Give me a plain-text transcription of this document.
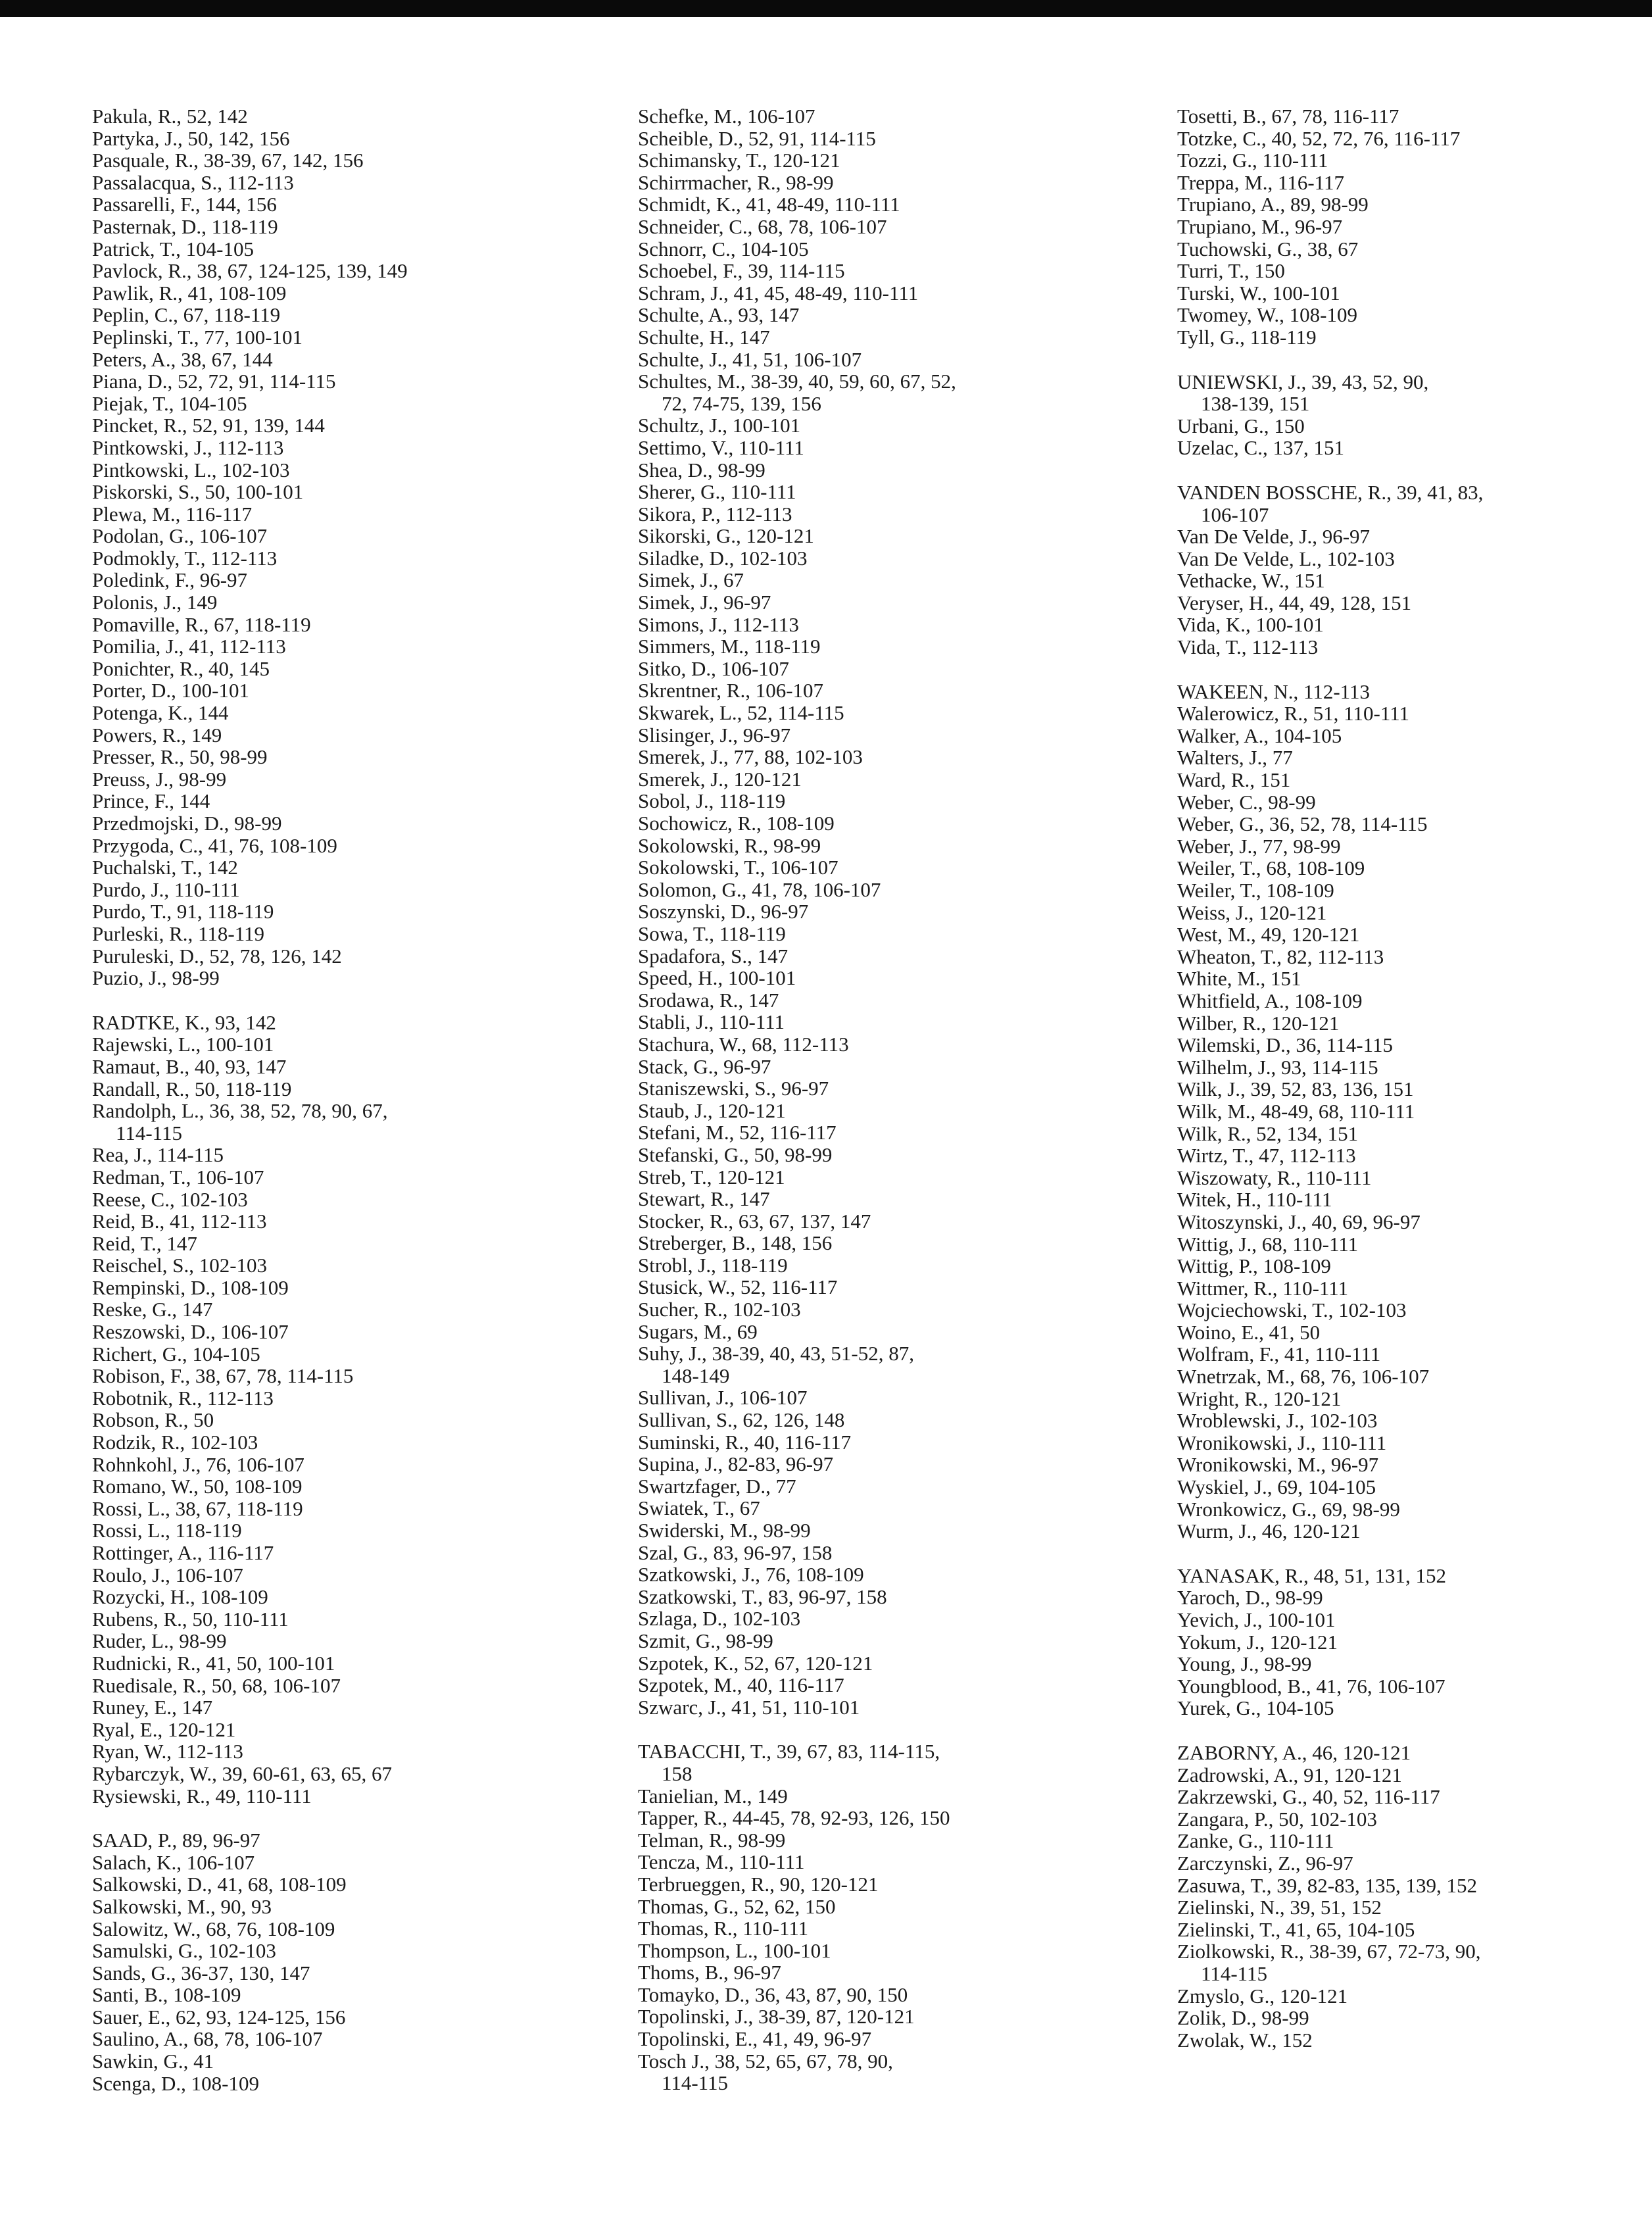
Pakula, R., 52, 142
Partyka, J., 50, 142, 156
Pasquale, R., 38-39, 67, 142, 156
Passalacqua, S., 112-113
Passarelli, F., 144, 156
Pasternak, D., 118-119
Patrick, T., 104-105
Pavlock, R., 38, 67, 124-125, 139, 149
Pawlik, R., 41, 108-109
Peplin, C., 67, 118-119
Peplinski, T., 77, 100-101
Peters, A., 38, 67, 144
Piana, D., 52, 72, 91, 114-115
Piejak, T., 104-105
Pincket, R., 52, 91, 139, 144
Pintkowski, J., 112-113
Pintkowski, L., 102-103
Piskorski, S., 50, 100-101
Plewa, M., 116-117
Podolan, G., 106-107
Podmokly, T., 112-113
Poledink, F., 96-97
Polonis, J., 149
Pomaville, R., 67, 118-119
Pomilia, J., 41, 112-113
Ponichter, R., 40, 145
Porter, D., 100-101
Potenga, K., 144
Powers, R., 149
Presser, R., 50, 98-99
Preuss, J., 98-99
Prince, F., 144
Przedmojski, D., 98-99
Przygoda, C., 41, 76, 108-109
Puchalski, T., 142
Purdo, J., 110-111
Purdo, T., 91, 118-119
Purleski, R., 118-119
Puruleski, D., 52, 78, 126, 142
Puzio, J., 98-99
RADTKE, K., 93, 142
Rajewski, L., 100-101
Ramaut, B., 40, 93, 147
Randall, R., 50, 118-119
Randolph, L., 36, 38, 52, 78, 90, 67,
114-115
Rea, J., 114-115
Redman, T., 106-107
Reese, C., 102-103
Reid, B., 41, 112-113
Reid, T., 147
Reischel, S., 102-103
Rempinski, D., 108-109
Reske, G., 147
Reszowski, D., 106-107
Richert, G., 104-105
Robison, F., 38, 67, 78, 114-115
Robotnik, R., 112-113
Robson, R., 50
Rodzik, R., 102-103
Rohnkohl, J., 76, 106-107
Romano, W., 50, 108-109
Rossi, L., 38, 67, 118-119
Rossi, L., 118-119
Rottinger, A., 116-117
Roulo, J., 106-107
Rozycki, H., 108-109
Rubens, R., 50, 110-111
Ruder, L., 98-99
Rudnicki, R., 41, 50, 100-101
Ruedisale, R., 50, 68, 106-107
Runey, E., 147
Ryal, E., 120-121
Ryan, W., 112-113
Rybarczyk, W., 39, 60-61, 63, 65, 67
Rysiewski, R., 49, 110-111
SAAD, P., 89, 96-97
Salach, K., 106-107
Salkowski, D., 41, 68, 108-109
Salkowski, M., 90, 93
Salowitz, W., 68, 76, 108-109
Samulski, G., 102-103
Sands, G., 36-37, 130, 147
Santi, B., 108-109
Sauer, E., 62, 93, 124-125, 156
Saulino, A., 68, 78, 106-107
Sawkin, G., 41
Scenga, D., 108-109
Schefke, M., 106-107
Scheible, D., 52, 91, 114-115
Schimansky, T., 120-121
Schirrmacher, R., 98-99
Schmidt, K., 41, 48-49, 110-111
Schneider, C., 68, 78, 106-107
Schnorr, C., 104-105
Schoebel, F., 39, 114-115
Schram, J., 41, 45, 48-49, 110-111
Schulte, A., 93, 147
Schulte, H., 147
Schulte, J., 41, 51, 106-107
Schultes, M., 38-39, 40, 59, 60, 67, 52,
72, 74-75, 139, 156
Schultz, J., 100-101
Settimo, V., 110-111
Shea, D., 98-99
Sherer, G., 110-111
Sikora, P., 112-113
Sikorski, G., 120-121
Siladke, D., 102-103
Simek, J., 67
Simek, J., 96-97
Simons, J., 112-113
Simmers, M., 118-119
Sitko, D., 106-107
Skrentner, R., 106-107
Skwarek, L., 52, 114-115
Slisinger, J., 96-97
Smerek, J., 77, 88, 102-103
Smerek, J., 120-121
Sobol, J., 118-119
Sochowicz, R., 108-109
Sokolowski, R., 98-99
Sokolowski, T., 106-107
Solomon, G., 41, 78, 106-107
Soszynski, D., 96-97
Sowa, T., 118-119
Spadafora, S., 147
Speed, H., 100-101
Srodawa, R., 147
Stabli, J., 110-111
Stachura, W., 68, 112-113
Stack, G., 96-97
Staniszewski, S., 96-97
Staub, J., 120-121
Stefani, M., 52, 116-117
Stefanski, G., 50, 98-99
Streb, T., 120-121
Stewart, R., 147
Stocker, R., 63, 67, 137, 147
Streberger, B., 148, 156
Strobl, J., 118-119
Stusick, W., 52, 116-117
Sucher, R., 102-103
Sugars, M., 69
Suhy, J., 38-39, 40, 43, 51-52, 87,
148-149
Sullivan, J., 106-107
Sullivan, S., 62, 126, 148
Suminski, R., 40, 116-117
Supina, J., 82-83, 96-97
Swartzfager, D., 77
Swiatek, T., 67
Swiderski, M., 98-99
Szal, G., 83, 96-97, 158
Szatkowski, J., 76, 108-109
Szatkowski, T., 83, 96-97, 158
Szlaga, D., 102-103
Szmit, G., 98-99
Szpotek, K., 52, 67, 120-121
Szpotek, M., 40, 116-117
Szwarc, J., 41, 51, 110-101
TABACCHI, T., 39, 67, 83, 114-115,
158
Tanielian, M., 149
Tapper, R., 44-45, 78, 92-93, 126, 150
Telman, R., 98-99
Tencza, M., 110-111
Terbrueggen, R., 90, 120-121
Thomas, G., 52, 62, 150
Thomas, R., 110-111
Thompson, L., 100-101
Thoms, B., 96-97
Tomayko, D., 36, 43, 87, 90, 150
Topolinski, J., 38-39, 87, 120-121
Topolinski, E., 41, 49, 96-97
Tosch J., 38, 52, 65, 67, 78, 90,
114-115
Tosetti, B., 67, 78, 116-117
Totzke, C., 40, 52, 72, 76, 116-117
Tozzi, G., 110-111
Treppa, M., 116-117
Trupiano, A., 89, 98-99
Trupiano, M., 96-97
Tuchowski, G., 38, 67
Turri, T., 150
Turski, W., 100-101
Twomey, W., 108-109
Tyll, G., 118-119
UNIEWSKI, J., 39, 43, 52, 90,
138-139, 151
Urbani, G., 150
Uzelac, C., 137, 151
VANDEN BOSSCHE, R., 39, 41, 83,
106-107
Van De Velde, J., 96-97
Van De Velde, L., 102-103
Vethacke, W., 151
Veryser, H., 44, 49, 128, 151
Vida, K., 100-101
Vida, T., 112-113
WAKEEN, N., 112-113
Walerowicz, R., 51, 110-111
Walker, A., 104-105
Walters, J., 77
Ward, R., 151
Weber, C., 98-99
Weber, G., 36, 52, 78, 114-115
Weber, J., 77, 98-99
Weiler, T., 68, 108-109
Weiler, T., 108-109
Weiss, J., 120-121
West, M., 49, 120-121
Wheaton, T., 82, 112-113
White, M., 151
Whitfield, A., 108-109
Wilber, R., 120-121
Wilemski, D., 36, 114-115
Wilhelm, J., 93, 114-115
Wilk, J., 39, 52, 83, 136, 151
Wilk, M., 48-49, 68, 110-111
Wilk, R., 52, 134, 151
Wirtz, T., 47, 112-113
Wiszowaty, R., 110-111
Witek, H., 110-111
Witoszynski, J., 40, 69, 96-97
Wittig, J., 68, 110-111
Wittig, P., 108-109
Wittmer, R., 110-111
Wojciechowski, T., 102-103
Woino, E., 41, 50
Wolfram, F., 41, 110-111
Wnetrzak, M., 68, 76, 106-107
Wright, R., 120-121
Wroblewski, J., 102-103
Wronikowski, J., 110-111
Wronikowski, M., 96-97
Wyskiel, J., 69, 104-105
Wronkowicz, G., 69, 98-99
Wurm, J., 46, 120-121
YANASAK, R., 48, 51, 131, 152
Yaroch, D., 98-99
Yevich, J., 100-101
Yokum, J., 120-121
Young, J., 98-99
Youngblood, B., 41, 76, 106-107
Yurek, G., 104-105
ZABORNY, A., 46, 120-121
Zadrowski, A., 91, 120-121
Zakrzewski, G., 40, 52, 116-117
Zangara, P., 50, 102-103
Zanke, G., 110-111
Zarczynski, Z., 96-97
Zasuwa, T., 39, 82-83, 135, 139, 152
Zielinski, N., 39, 51, 152
Zielinski, T., 41, 65, 104-105
Ziolkowski, R., 38-39, 67, 72-73, 90,
114-115
Zmyslo, G., 120-121
Zolik, D., 98-99
Zwolak, W., 152
